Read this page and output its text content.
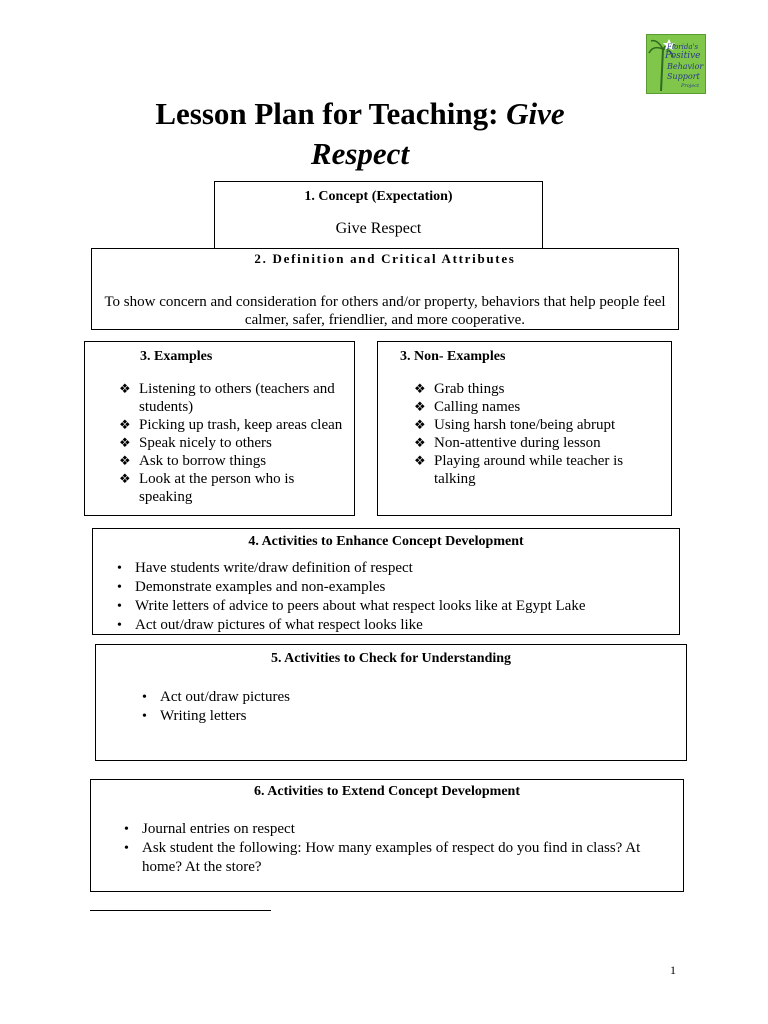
Florida's
Positive
Behavior
Support
Project
Lesson Plan for Teaching: Give
Respect
1. Concept (Expectation)
Give Respect
2. Definition and Critical Attributes
To show concern and consideration for others and/or property, behaviors that help people feel calmer, safer, friendlier, and more cooperative.
3. Examples
❖ Listening to others (teachers and students)
❖ Picking up trash, keep areas clean
❖ Speak nicely to others
❖ Ask to borrow things
❖ Look at the person who is speaking
3. Non- Examples
❖ Grab things
❖ Calling names
❖ Using harsh tone/being abrupt
❖ Non-attentive during lesson
❖ Playing around while teacher is talking
4. Activities to Enhance Concept Development
• Have students write/draw definition of respect
• Demonstrate examples and non-examples
• Write letters of advice to peers about what respect looks like at Egypt Lake
• Act out/draw pictures of what respect looks like
5. Activities to Check for Understanding
• Act out/draw pictures
• Writing letters
6. Activities to Extend Concept Development
• Journal entries on respect
• Ask student the following: How many examples of respect do you find in class? At home? At the store?
1
